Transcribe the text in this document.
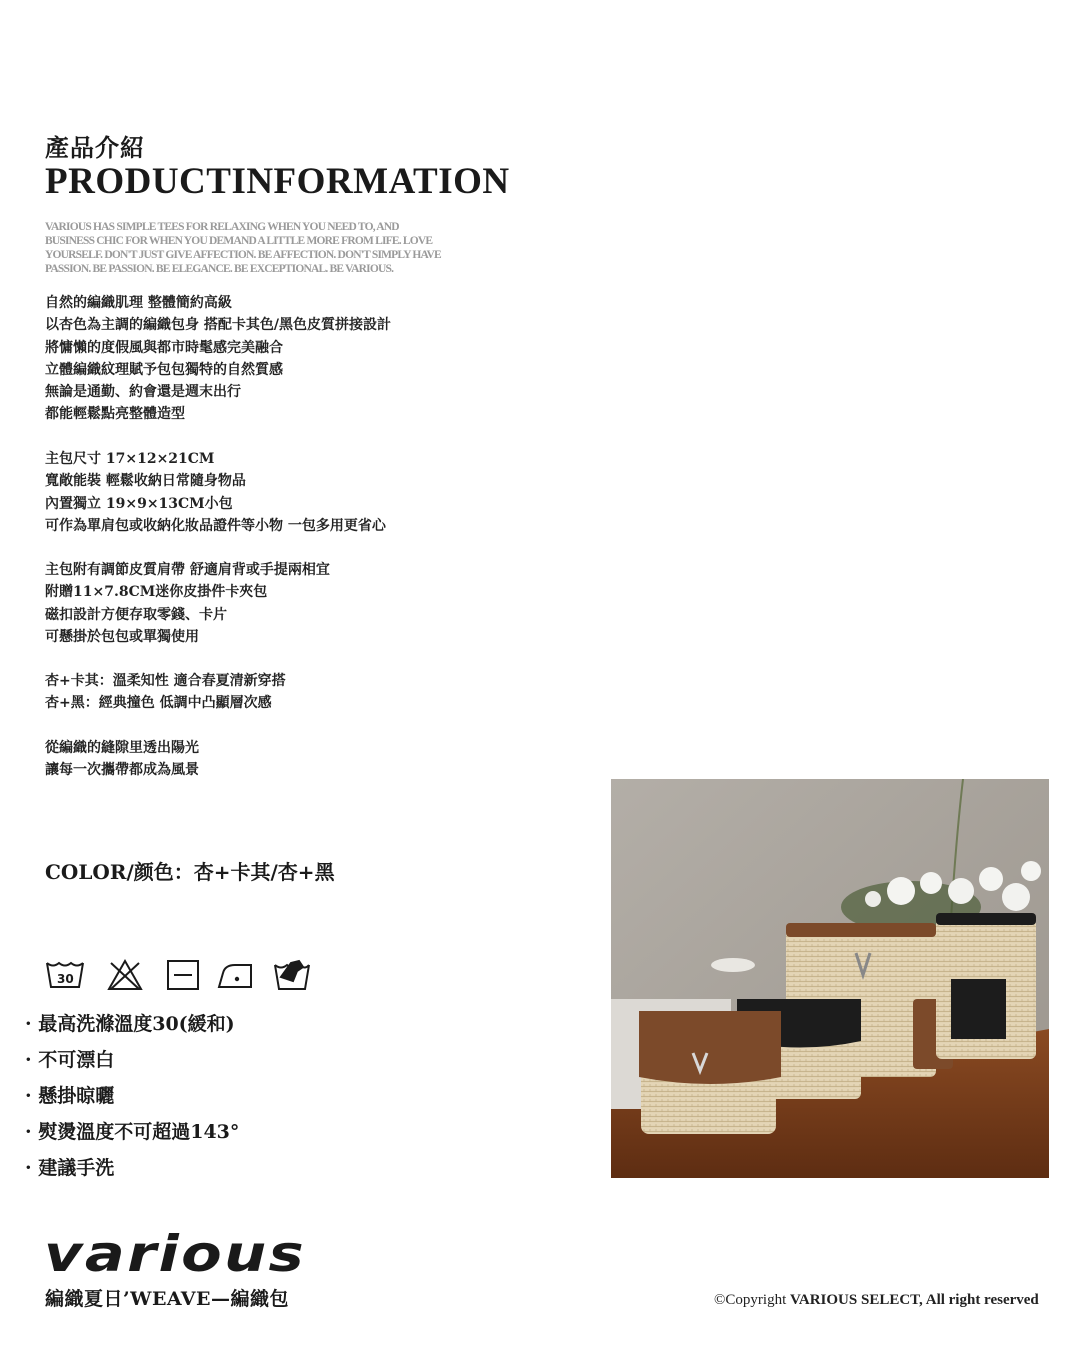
產品介紹
PRODUCTINFORMATION
VARIOUS HAS SIMPLE TEES FOR RELAXING WHEN YOU NEED TO, AND
BUSINESS CHIC FOR WHEN YOU DEMAND A LITTLE MORE FROM LIFE. LOVE
YOURSELF. DON'T JUST GIVE AFFECTION. BE AFFECTION. DON'T SIMPLY HAVE
PASSION. BE PASSION. BE ELEGANCE. BE EXCEPTIONAL. BE VARIOUS.
自然的編織肌理 整體簡約高級
以杏色為主調的編織包身 搭配卡其色/黑色皮質拼接設計
將慵懶的度假風與都市時髦感完美融合
立體編織紋理賦予包包獨特的自然質感
無論是通勤、約會還是週末出行
都能輕鬆點亮整體造型
主包尺寸 17×12×21CM
寬敞能裝 輕鬆收納日常隨身物品
內置獨立 19×9×13CM小包
可作為單肩包或收納化妝品證件等小物 一包多用更省心
主包附有調節皮質肩帶 舒適肩背或手提兩相宜
附贈11×7.8CM迷你皮掛件卡夾包
磁扣設計方便存取零錢、卡片
可懸掛於包包或單獨使用
杏+卡其：溫柔知性 適合春夏清新穿搭
杏+黑：經典撞色 低調中凸顯層次感
從編織的縫隙里透出陽光
讓每一次攜帶都成為風景
COLOR/颜色：杏+卡其/杏+黑
30
· 最高洗滌溫度30(緩和)
· 不可漂白
· 懸掛晾曬
· 熨燙溫度不可超過143°
· 建議手洗
various
編織夏日’WEAVE—編織包	©Copyright VARIOUS SELECT, All right reserved
